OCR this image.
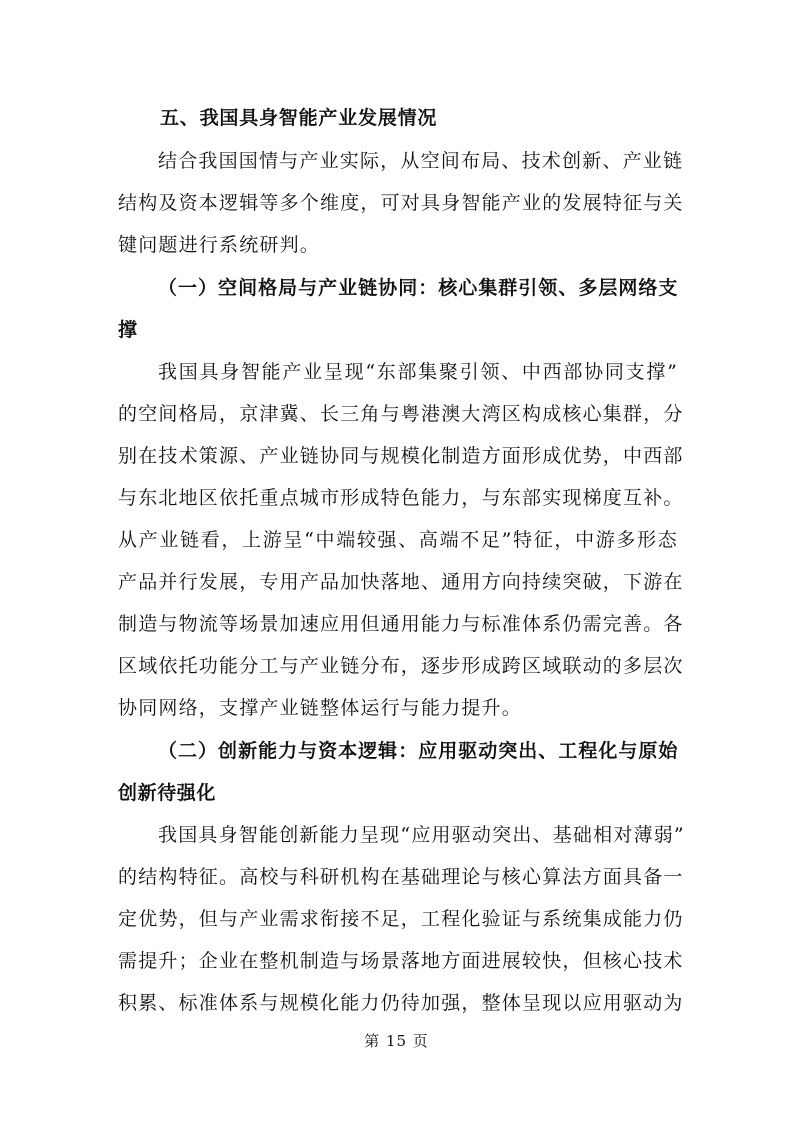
五、我国具身智能产业发展情况
结合我国国情与产业实际，从空间布局、技术创新、产业链
结构及资本逻辑等多个维度，可对具身智能产业的发展特征与关
键问题进行系统研判。
（一）空间格局与产业链协同：核心集群引领、多层网络支
撑
我国具身智能产业呈现“东部集聚引领、中西部协同支撑”
的空间格局，京津冀、长三角与粤港澳大湾区构成核心集群，分
别在技术策源、产业链协同与规模化制造方面形成优势，中西部
与东北地区依托重点城市形成特色能力，与东部实现梯度互补。
从产业链看，上游呈“中端较强、高端不足”特征，中游多形态
产品并行发展，专用产品加快落地、通用方向持续突破，下游在
制造与物流等场景加速应用但通用能力与标准体系仍需完善。各
区域依托功能分工与产业链分布，逐步形成跨区域联动的多层次
协同网络，支撑产业链整体运行与能力提升。
（二）创新能力与资本逻辑：应用驱动突出、工程化与原始
创新待强化
我国具身智能创新能力呈现“应用驱动突出、基础相对薄弱”
的结构特征。高校与科研机构在基础理论与核心算法方面具备一
定优势，但与产业需求衔接不足，工程化验证与系统集成能力仍
需提升；企业在整机制造与场景落地方面进展较快，但核心技术
积累、标准体系与规模化能力仍待加强，整体呈现以应用驱动为
第 15 页
